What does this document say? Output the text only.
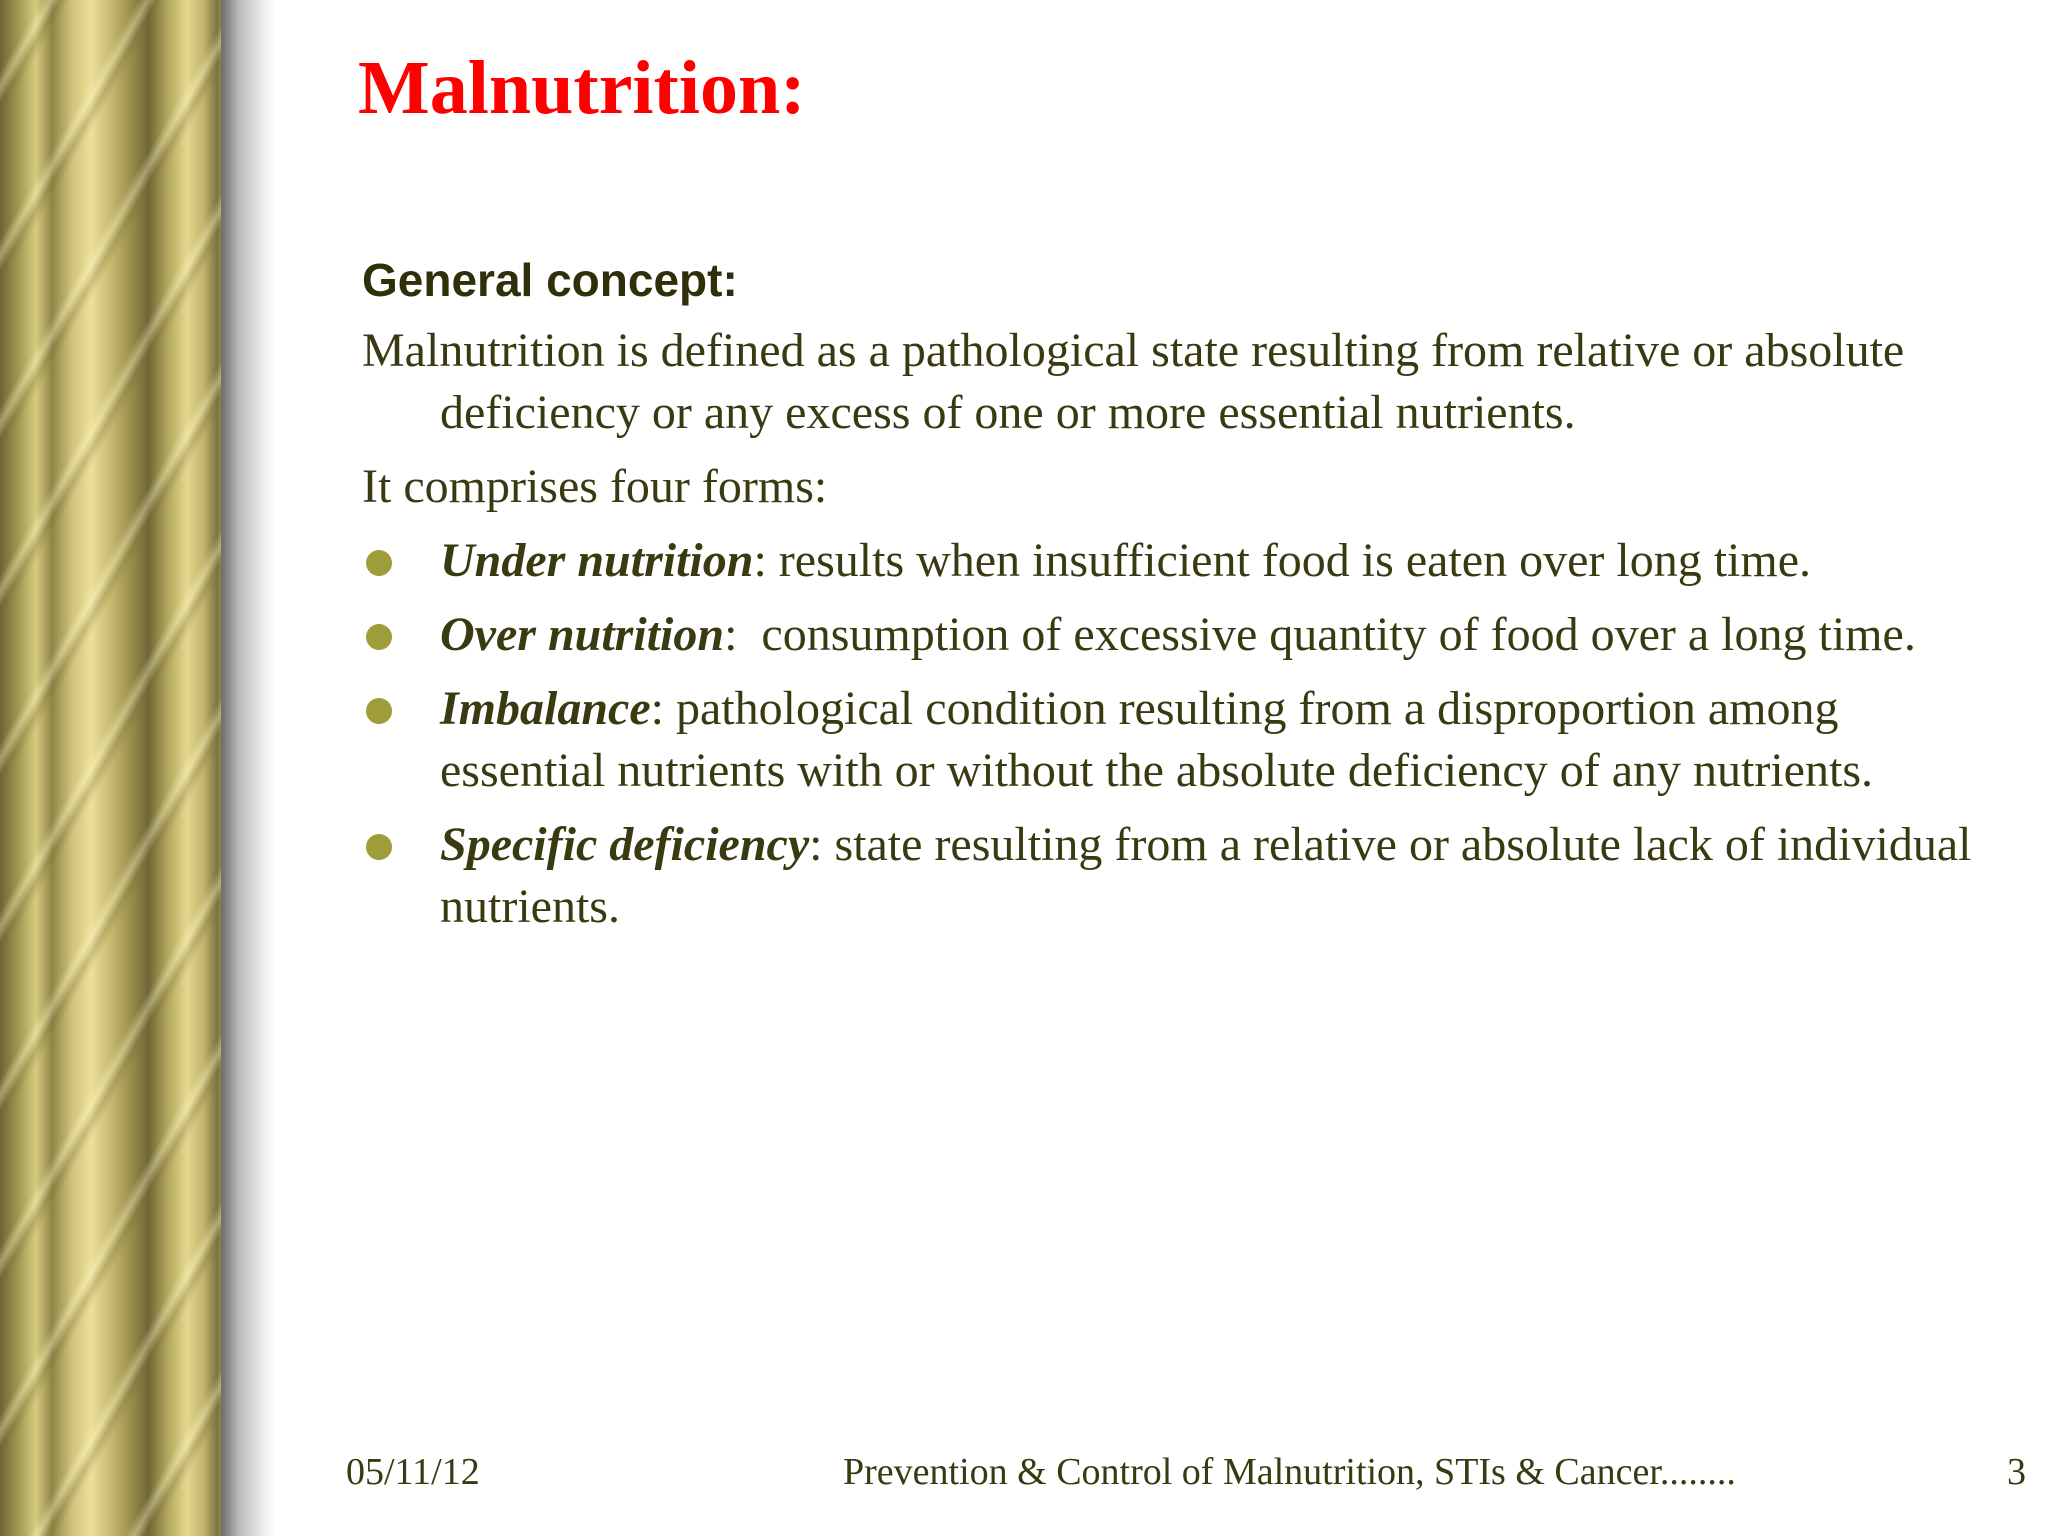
Malnutrition:
General concept:

Malnutrition is defined as a pathological state resulting from relative or absolute deficiency or any excess of one or more essential nutrients.

It comprises four forms:

Under nutrition: results when insufficient food is eaten over long time.
Over nutrition:  consumption of excessive quantity of food over a long time.
Imbalance: pathological condition resulting from a disproportion among essential nutrients with or without the absolute deficiency of any nutrients.
Specific deficiency: state resulting from a relative or absolute lack of individual nutrients.
05/11/12	Prevention & Control of Malnutrition, STIs & Cancer........	3
